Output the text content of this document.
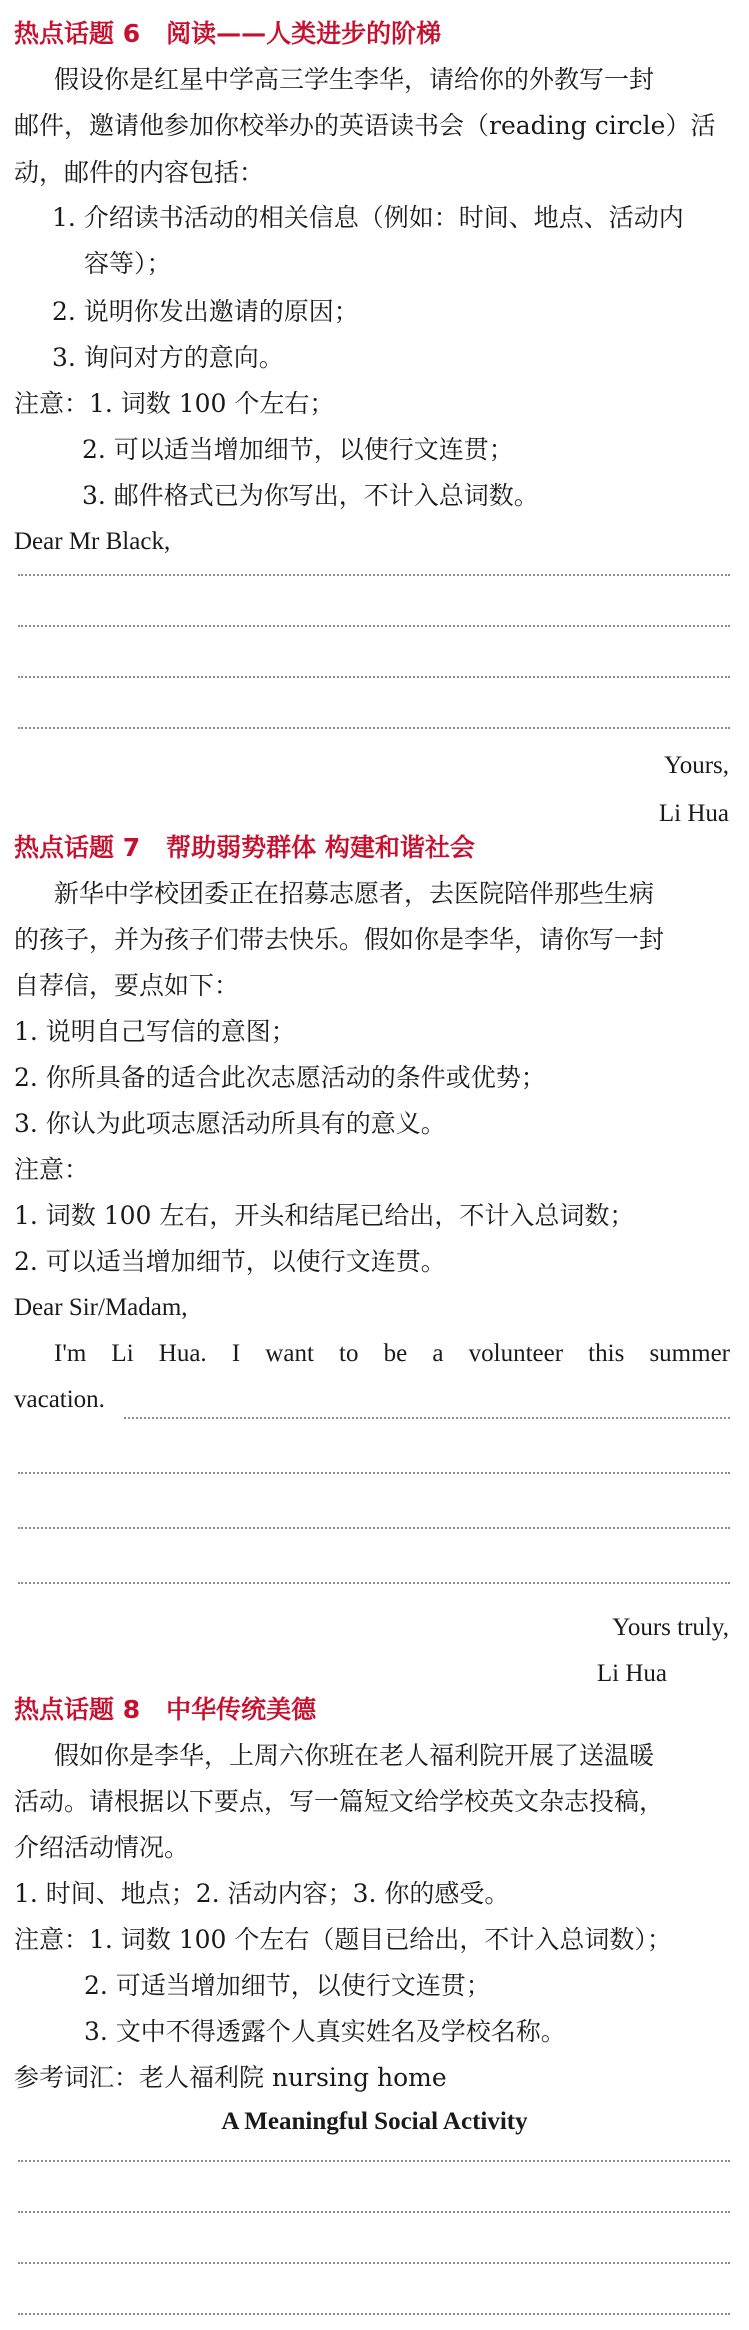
热点话题 6 阅读——人类进步的阶梯
假设你是红星中学高三学生李华，请给你的外教写一封
邮件，邀请他参加你校举办的英语读书会（reading circle）活
动，邮件的内容包括：
1. 介绍读书活动的相关信息（例如：时间、地点、活动内
容等）；
2. 说明你发出邀请的原因；
3. 询问对方的意向。
注意：1. 词数 100 个左右；
2. 可以适当增加细节，以使行文连贯；
3. 邮件格式已为你写出，不计入总词数。
Dear Mr Black,
Yours,
Li Hua
热点话题 7 帮助弱势群体 构建和谐社会
新华中学校团委正在招募志愿者，去医院陪伴那些生病
的孩子，并为孩子们带去快乐。假如你是李华，请你写一封
自荐信，要点如下：
1. 说明自己写信的意图；
2. 你所具备的适合此次志愿活动的条件或优势；
3. 你认为此项志愿活动所具有的意义。
注意：
1. 词数 100 左右，开头和结尾已给出，不计入总词数；
2. 可以适当增加细节，以使行文连贯。
Dear Sir/Madam,
I'm Li Hua. I want to be a volunteer this summer
vacation.
Yours truly,
Li Hua
热点话题 8 中华传统美德
假如你是李华，上周六你班在老人福利院开展了送温暖
活动。请根据以下要点，写一篇短文给学校英文杂志投稿，
介绍活动情况。
1. 时间、地点；2. 活动内容；3. 你的感受。
注意：1. 词数 100 个左右（题目已给出，不计入总词数）；
2. 可适当增加细节，以使行文连贯；
3. 文中不得透露个人真实姓名及学校名称。
参考词汇：老人福利院 nursing home
A Meaningful Social Activity
